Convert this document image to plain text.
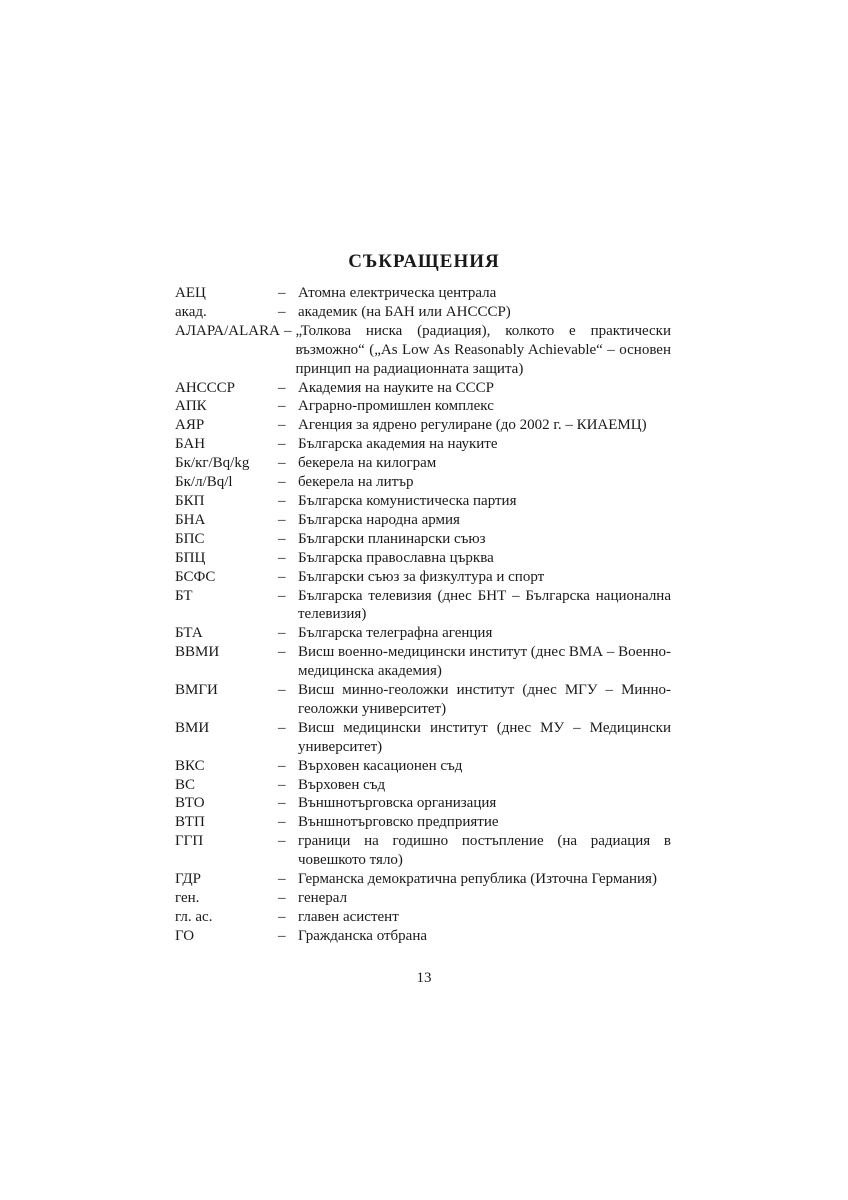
СЪКРАЩЕНИЯ
АЕЦ	– Атомна електрическа централа
акад.	– академик (на БАН или АНСССР)
АЛАРА/ALARA – „Толкова ниска (радиация), колкото е практически възможно“ („As Low As Reasonably Achievable“ – основен принцип на радиационната защита)
АНСССР	– Академия на науките на СССР
АПК	– Аграрно-промишлен комплекс
АЯР	– Агенция за ядрено регулиране (до 2002 г. – КИАЕМЦ)
БАН	– Българска академия на науките
Бк/кг/Bq/kg	– бекерела на килограм
Бк/л/Bq/l	– бекерела на литър
БКП	– Българска комунистическа партия
БНА	– Българска народна армия
БПС	– Български планинарски съюз
БПЦ	– Българска православна църква
БСФС	– Български съюз за физкултура и спорт
БТ	– Българска телевизия (днес БНТ – Българска национална телевизия)
БТА	– Българска телеграфна агенция
ВВМИ	– Висш военно-медицински институт (днес ВМА – Военно-медицинска академия)
ВМГИ	– Висш минно-геоложки институт (днес МГУ – Минно-геоложки университет)
ВМИ	– Висш медицински институт (днес МУ – Медицински университет)
ВКС	– Върховен касационен съд
ВС	– Върховен съд
ВТО	– Външнотърговска организация
ВТП	– Външнотърговско предприятие
ГГП	– граници на годишно постъпление (на радиация в човешкото тяло)
ГДР	– Германска демократична република (Източна Германия)
ген.	– генерал
гл. ас.	– главен асистент
ГО	– Гражданска отбрана
13
